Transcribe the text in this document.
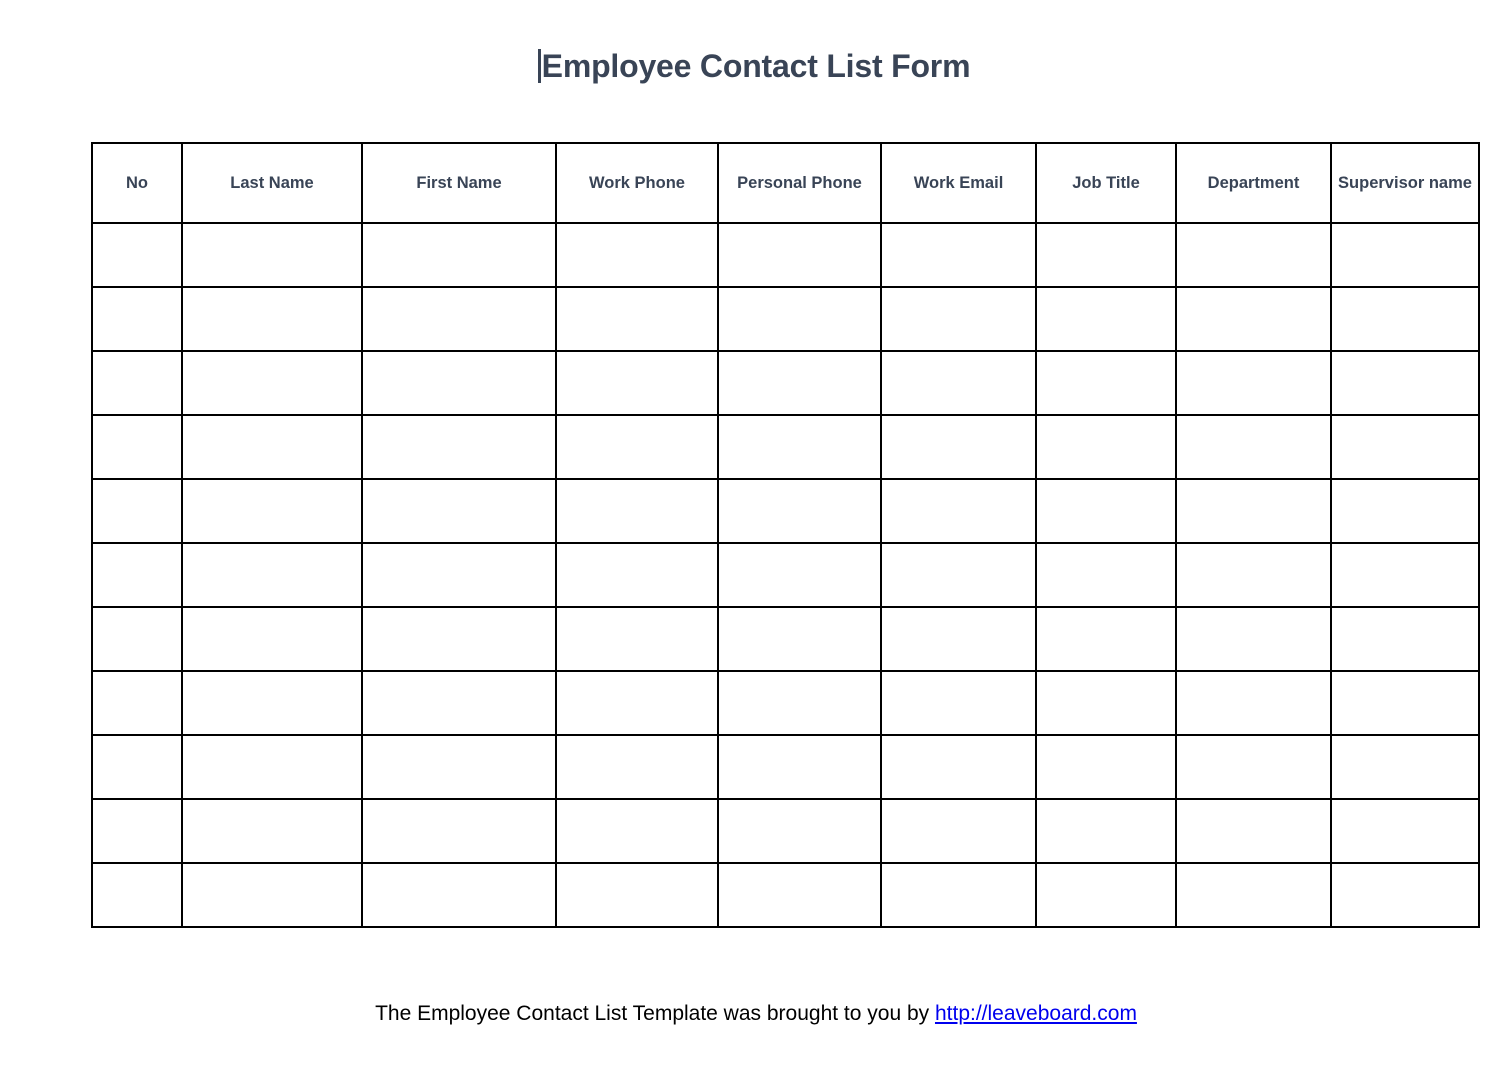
Employee Contact List Form
No	Last Name	First Name	Work Phone	Personal Phone	Work Email	Job Title	Department	Supervisor name

The Employee Contact List Template was brought to you by http://leaveboard.com
